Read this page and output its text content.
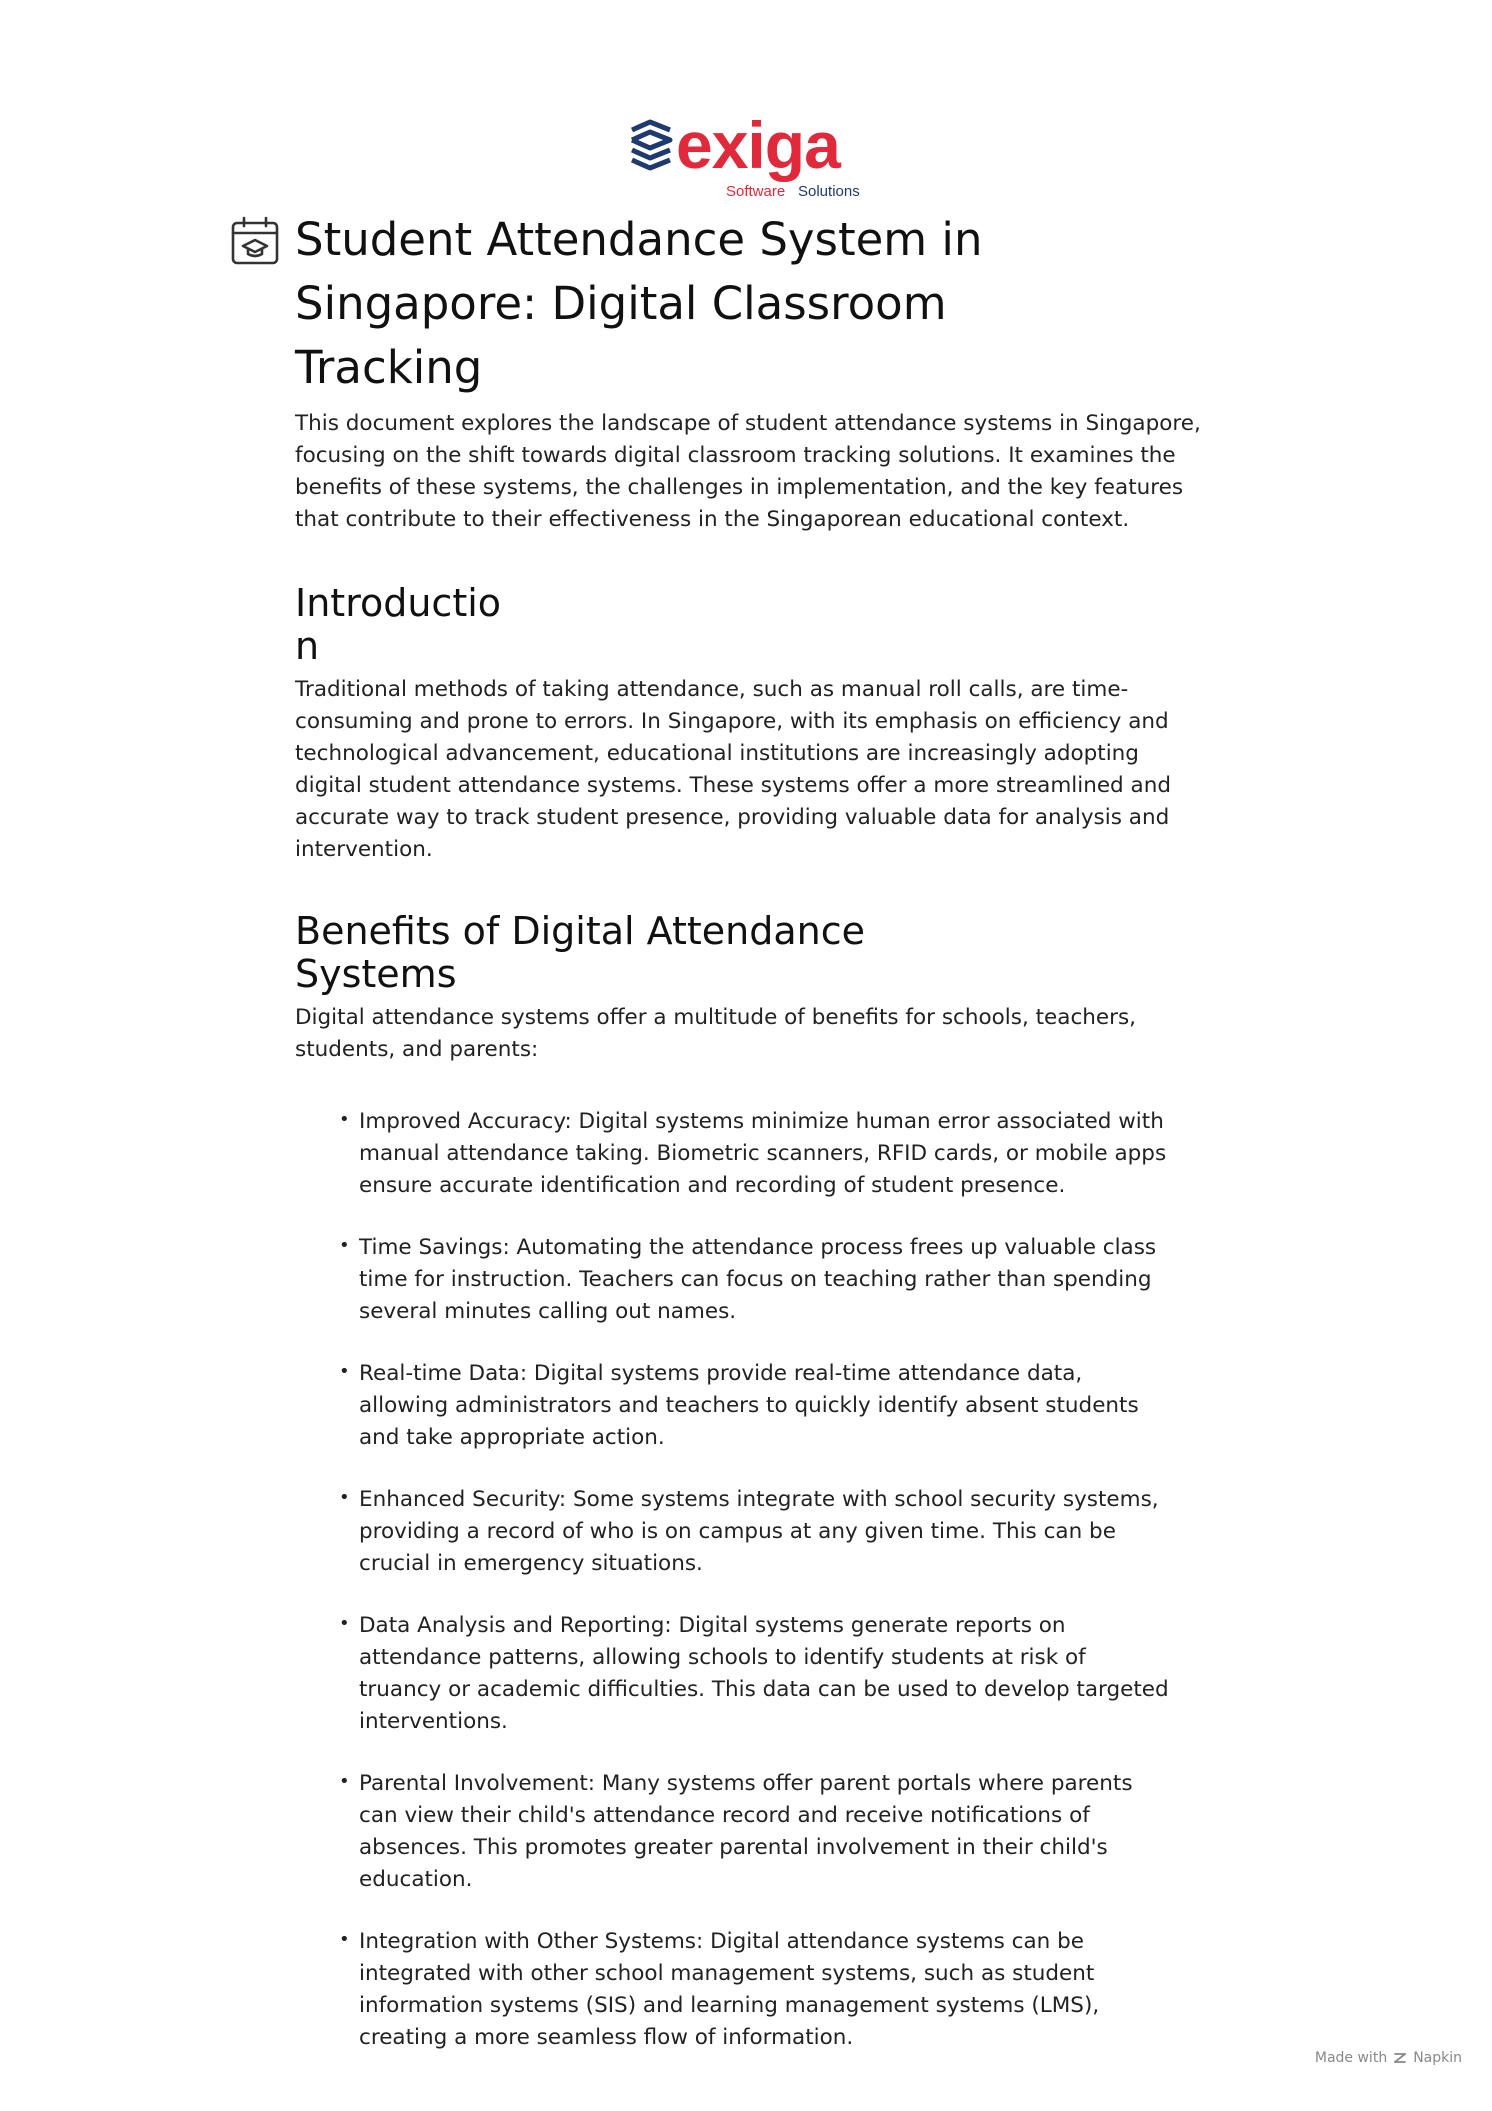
exiga
Software Solutions
Student Attendance System in Singapore: Digital Classroom Tracking

This document explores the landscape of student attendance systems in Singapore, focusing on the shift towards digital classroom tracking solutions. It examines the benefits of these systems, the challenges in implementation, and the key features that contribute to their effectiveness in the Singaporean educational context.

Introduction

Traditional methods of taking attendance, such as manual roll calls, are time-consuming and prone to errors. In Singapore, with its emphasis on efficiency and technological advancement, educational institutions are increasingly adopting digital student attendance systems. These systems offer a more streamlined and accurate way to track student presence, providing valuable data for analysis and intervention.

Benefits of Digital Attendance Systems

Digital attendance systems offer a multitude of benefits for schools, teachers, students, and parents:

• Improved Accuracy: Digital systems minimize human error associated with manual attendance taking. Biometric scanners, RFID cards, or mobile apps ensure accurate identification and recording of student presence.
• Time Savings: Automating the attendance process frees up valuable class time for instruction. Teachers can focus on teaching rather than spending several minutes calling out names.
• Real-time Data: Digital systems provide real-time attendance data, allowing administrators and teachers to quickly identify absent students and take appropriate action.
• Enhanced Security: Some systems integrate with school security systems, providing a record of who is on campus at any given time. This can be crucial in emergency situations.
• Data Analysis and Reporting: Digital systems generate reports on attendance patterns, allowing schools to identify students at risk of truancy or academic difficulties. This data can be used to develop targeted interventions.
• Parental Involvement: Many systems offer parent portals where parents can view their child's attendance record and receive notifications of absences. This promotes greater parental involvement in their child's education.
• Integration with Other Systems: Digital attendance systems can be integrated with other school management systems, such as student information systems (SIS) and learning management systems (LMS), creating a more seamless flow of information.
Made with Napkin
